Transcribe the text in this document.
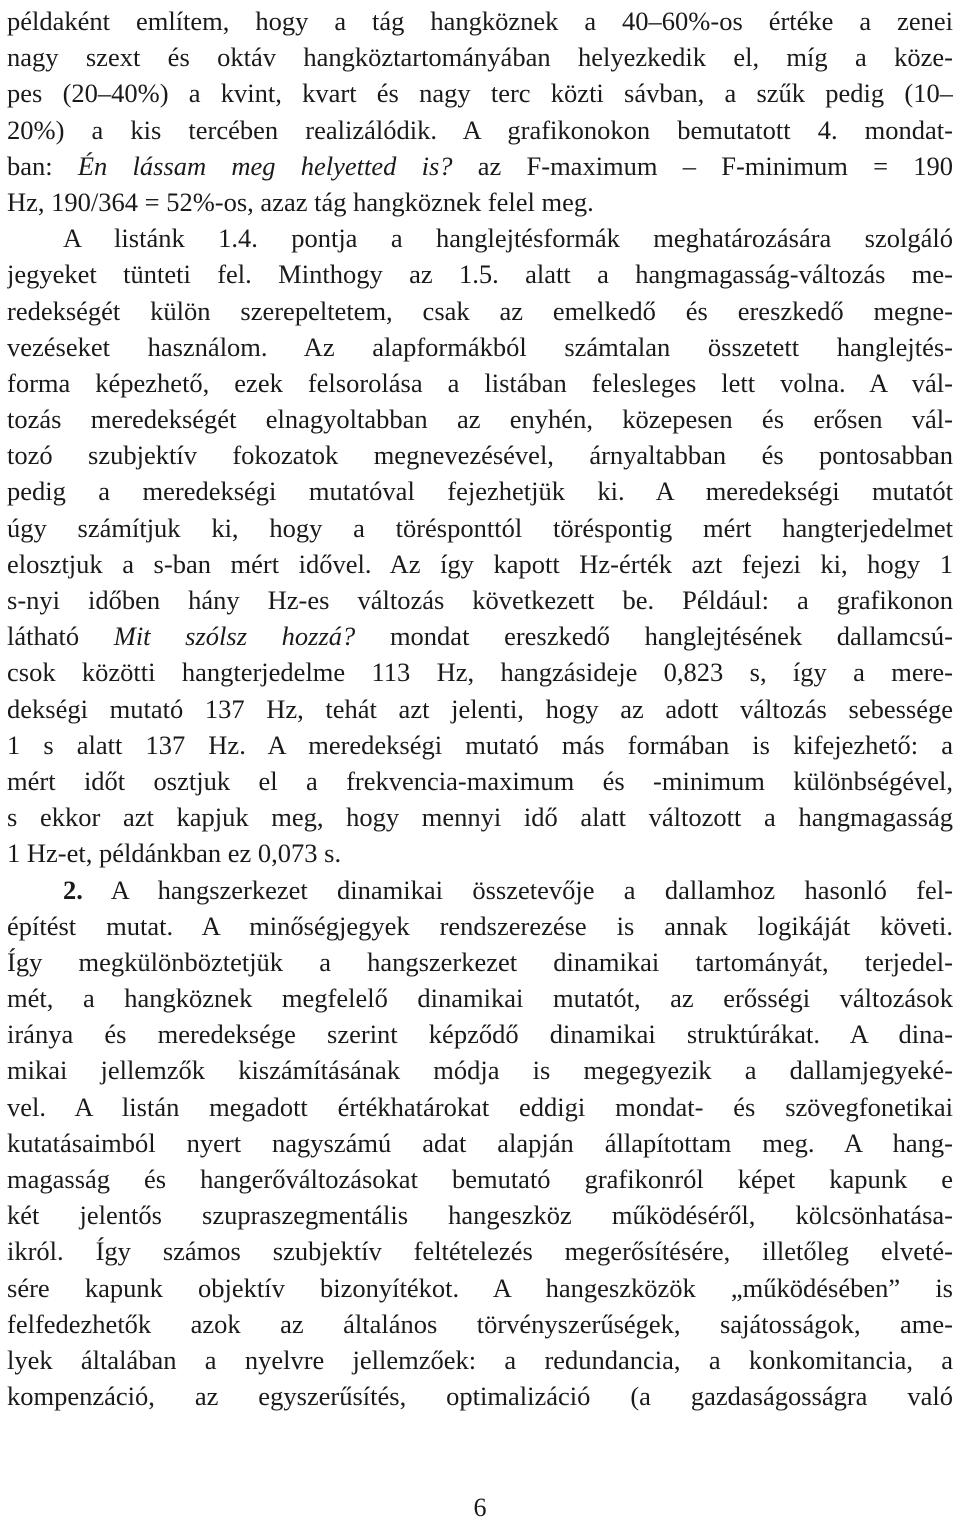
példaként említem, hogy a tág hangköznek a 40–60%-os értéke a zenei
nagy szext és oktáv hangköztartományában helyezkedik el, míg a köze-
pes (20–40%) a kvint, kvart és nagy terc közti sávban, a szűk pedig (10–
20%) a kis tercében realizálódik. A grafikonokon bemutatott 4. mondat-
ban: Én lássam meg helyetted is? az F-maximum – F-minimum = 190
Hz, 190/364 = 52%-os, azaz tág hangköznek felel meg.
A listánk 1.4. pontja a hanglejtésformák meghatározására szolgáló
jegyeket tünteti fel. Minthogy az 1.5. alatt a hangmagasság-változás me-
redekségét külön szerepeltetem, csak az emelkedő és ereszkedő megne-
vezéseket használom. Az alapformákból számtalan összetett hanglejtés-
forma képezhető, ezek felsorolása a listában felesleges lett volna. A vál-
tozás meredekségét elnagyoltabban az enyhén, közepesen és erősen vál-
tozó szubjektív fokozatok megnevezésével, árnyaltabban és pontosabban
pedig a meredekségi mutatóval fejezhetjük ki. A meredekségi mutatót
úgy számítjuk ki, hogy a törésponttól töréspontig mért hangterjedelmet
elosztjuk a s-ban mért idővel. Az így kapott Hz-érték azt fejezi ki, hogy 1
s-nyi időben hány Hz-es változás következett be. Például: a grafikonon
látható Mit szólsz hozzá? mondat ereszkedő hanglejtésének dallamcsú-
csok közötti hangterjedelme 113 Hz, hangzásideje 0,823 s, így a mere-
dekségi mutató 137 Hz, tehát azt jelenti, hogy az adott változás sebessége
1 s alatt 137 Hz. A meredekségi mutató más formában is kifejezhető: a
mért időt osztjuk el a frekvencia-maximum és -minimum különbségével,
s ekkor azt kapjuk meg, hogy mennyi idő alatt változott a hangmagasság
1 Hz-et, példánkban ez 0,073 s.
2. A hangszerkezet dinamikai összetevője a dallamhoz hasonló fel-
építést mutat. A minőségjegyek rendszerezése is annak logikáját követi.
Így megkülönböztetjük a hangszerkezet dinamikai tartományát, terjedel-
mét, a hangköznek megfelelő dinamikai mutatót, az erősségi változások
iránya és meredeksége szerint képződő dinamikai struktúrákat. A dina-
mikai jellemzők kiszámításának módja is megegyezik a dallamjegyeké-
vel. A listán megadott értékhatárokat eddigi mondat- és szövegfonetikai
kutatásaimból nyert nagyszámú adat alapján állapítottam meg. A hang-
magasság és hangerőváltozásokat bemutató grafikonról képet kapunk e
két jelentős szupraszegmentális hangeszköz működéséről, kölcsönhatása-
ikról. Így számos szubjektív feltételezés megerősítésére, illetőleg elveté-
sére kapunk objektív bizonyítékot. A hangeszközök „működésében” is
felfedezhetők azok az általános törvényszerűségek, sajátosságok, ame-
lyek általában a nyelvre jellemzőek: a redundancia, a konkomitancia, a
kompenzáció, az egyszerűsítés, optimalizáció (a gazdaságosságra való
6
